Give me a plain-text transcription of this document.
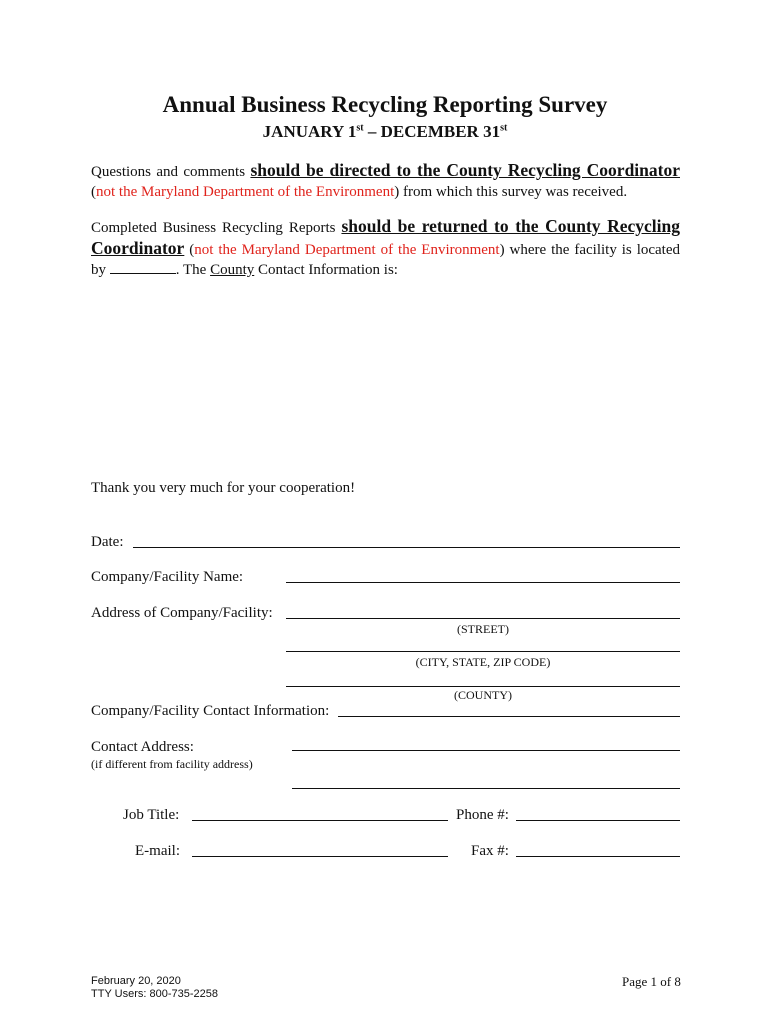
Annual Business Recycling Reporting Survey
JANUARY 1st – DECEMBER 31st
Questions and comments should be directed to the County Recycling Coordinator
(not the Maryland Department of the Environment) from which this survey was received.
Completed Business Recycling Reports should be returned to the County Recycling
Coordinator (not the Maryland Department of the Environment) where the facility is located
by	. The County Contact Information is:
Thank you very much for your cooperation!
Date:
Company/Facility Name:
Address of Company/Facility:
(STREET)
(CITY, STATE, ZIP CODE)
(COUNTY)
Company/Facility Contact Information:
Contact Address:
(if different from facility address)
Job Title:	Phone #:
E-mail:	Fax #:
February 20, 2020
TTY Users: 800-735-2258
Page 1 of 8
